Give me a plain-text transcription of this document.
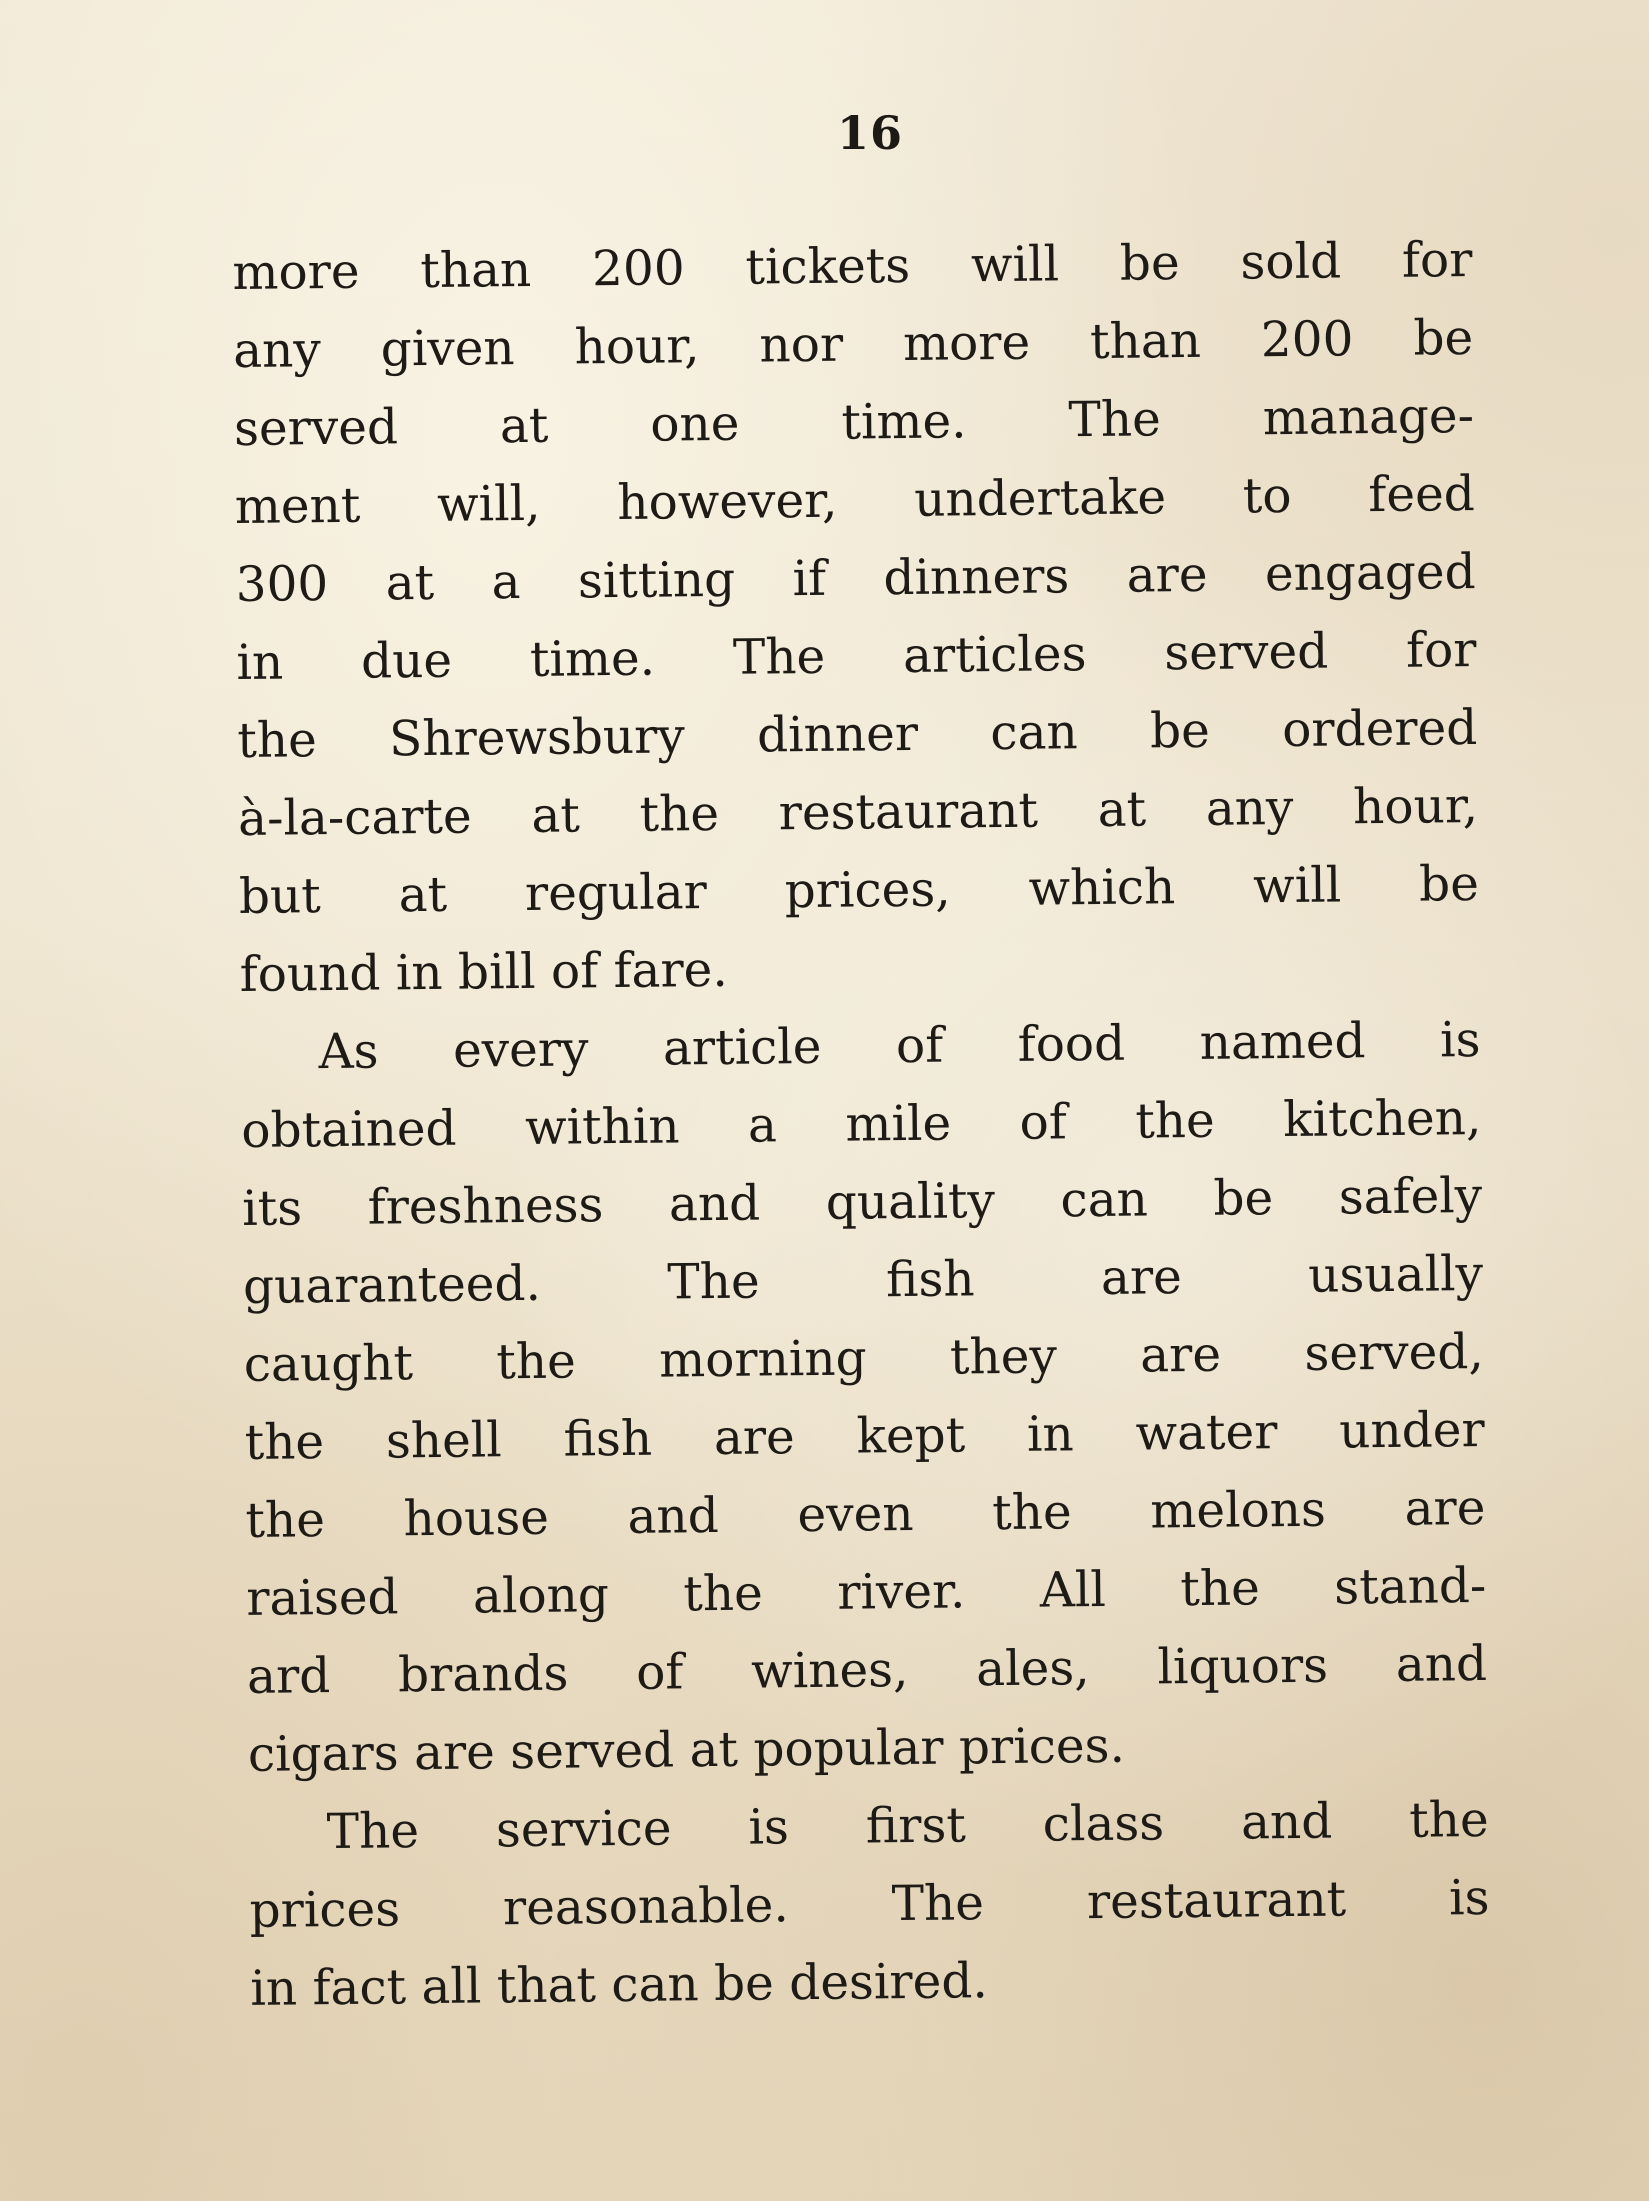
16
more than 200 tickets will be sold for
any given hour, nor more than 200 be
served at one time. The manage-
ment will, however, undertake to feed
300 at a sitting if dinners are engaged
in due time. The articles served for
the Shrewsbury dinner can be ordered
à-la-carte at the restaurant at any hour,
but at regular prices, which will be
found in bill of fare.
As every article of food named is
obtained within a mile of the kitchen,
its freshness and quality can be safely
guaranteed. The fish are usually
caught the morning they are served,
the shell fish are kept in water under
the house and even the melons are
raised along the river. All the stand-
ard brands of wines, ales, liquors and
cigars are served at popular prices.
The service is first class and the
prices reasonable. The restaurant is
in fact all that can be desired.
